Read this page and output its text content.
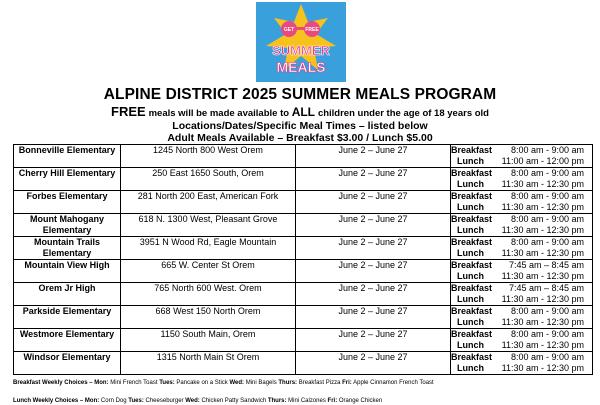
GET FREE
SUMMER
MEALS
ALPINE DISTRICT 2025 SUMMER MEALS PROGRAM
FREE meals will be made available to ALL children under the age of 18 years old
Locations/Dates/Specific Meal Times – listed below
Adult Meals Available – Breakfast $3.00 / Lunch $5.00
Bonneville Elementary	1245 North 800 West Orem	June 2 – June 27	Breakfast 8:00 am - 9:00 am
Lunch 11:00 am - 12:00 pm

Cherry Hill Elementary	250 East 1650 South, Orem	June 2 – June 27	Breakfast 8:00 am - 9:00 am
Lunch 11:30 am - 12:30 pm

Forbes Elementary	281 North 200 East, American Fork	June 2 – June 27	Breakfast 8:00 am - 9:00 am
Lunch 11:30 am - 12:30 pm

Mount Mahogany Elementary	618 N. 1300 West, Pleasant Grove	June 2 – June 27	Breakfast 8:00 am - 9:00 am
Lunch 11:30 am - 12:30 pm

Mountain Trails Elementary	3951 N Wood Rd, Eagle Mountain	June 2 – June 27	Breakfast 8:00 am - 9:00 am
Lunch 11:30 am - 12:30 pm

Mountain View High	665 W. Center St Orem	June 2 – June 27	Breakfast 7:45 am – 8:45 am
Lunch 11:30 am - 12:30 pm

Orem Jr High	765 North 600 West. Orem	June 2 – June 27	Breakfast 7:45 am – 8:45 am
Lunch 11:30 am - 12:30 pm

Parkside Elementary	668 West 150 North Orem	June 2 – June 27	Breakfast 8:00 am - 9:00 am
Lunch 11:30 am - 12:30 pm

Westmore Elementary	1150 South Main, Orem	June 2 – June 27	Breakfast 8:00 am - 9:00 am
Lunch 11:30 am - 12:30 pm

Windsor Elementary	1315 North Main St Orem	June 2 – June 27	Breakfast 8:00 am - 9:00 am
Lunch 11:30 am - 12:30 pm
Breakfast Weekly Choices – Mon: Mini French Toast Tues: Pancake on a Stick Wed: Mini Bagels Thurs: Breakfast Pizza Fri: Apple Cinnamon French Toast
Lunch Weekly Choices – Mon: Corn Dog Tues: Cheeseburger Wed: Chicken Patty Sandwich Thurs: Mini Calzones Fri: Orange Chicken
